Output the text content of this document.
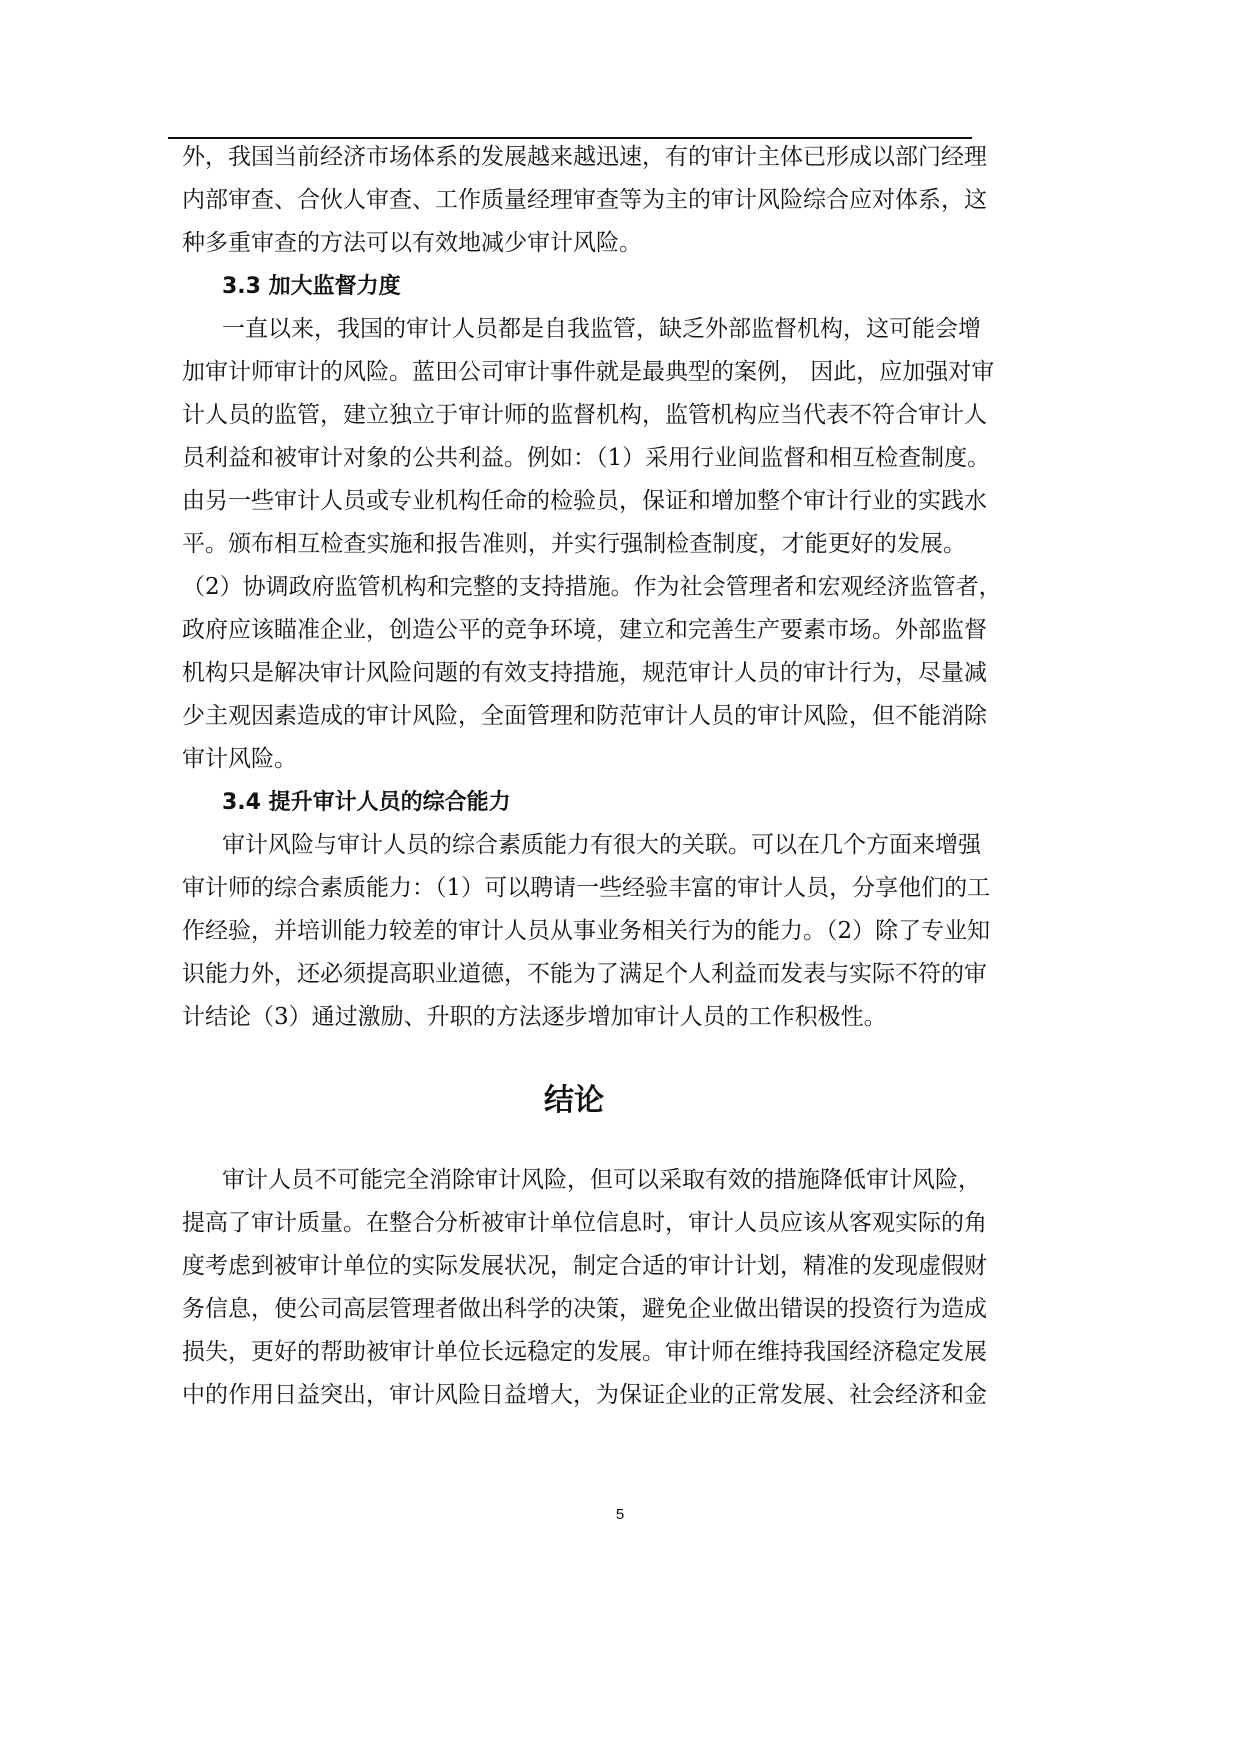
外，我国当前经济市场体系的发展越来越迅速，有的审计主体已形成以部门经理
内部审查、合伙人审查、工作质量经理审查等为主的审计风险综合应对体系，这
种多重审查的方法可以有效地减少审计风险。
3.3 加大监督力度
一直以来，我国的审计人员都是自我监管，缺乏外部监督机构，这可能会增
加审计师审计的风险。蓝田公司审计事件就是最典型的案例， 因此，应加强对审
计人员的监管，建立独立于审计师的监督机构，监管机构应当代表不符合审计人
员利益和被审计对象的公共利益。例如：（1）采用行业间监督和相互检查制度。
由另一些审计人员或专业机构任命的检验员，保证和增加整个审计行业的实践水
平。颁布相互检查实施和报告准则，并实行强制检查制度，才能更好的发展。
（2）协调政府监管机构和完整的支持措施。作为社会管理者和宏观经济监管者，
政府应该瞄准企业，创造公平的竞争环境，建立和完善生产要素市场。外部监督
机构只是解决审计风险问题的有效支持措施，规范审计人员的审计行为，尽量减
少主观因素造成的审计风险，全面管理和防范审计人员的审计风险，但不能消除
审计风险。
3.4 提升审计人员的综合能力
审计风险与审计人员的综合素质能力有很大的关联。可以在几个方面来增强
审计师的综合素质能力：（1）可以聘请一些经验丰富的审计人员，分享他们的工
作经验，并培训能力较差的审计人员从事业务相关行为的能力。（2）除了专业知
识能力外，还必须提高职业道德，不能为了满足个人利益而发表与实际不符的审
计结论（3）通过激励、升职的方法逐步增加审计人员的工作积极性。
结论
审计人员不可能完全消除审计风险，但可以采取有效的措施降低审计风险，
提高了审计质量。在整合分析被审计单位信息时，审计人员应该从客观实际的角
度考虑到被审计单位的实际发展状况，制定合适的审计计划，精准的发现虚假财
务信息，使公司高层管理者做出科学的决策，避免企业做出错误的投资行为造成
损失，更好的帮助被审计单位长远稳定的发展。审计师在维持我国经济稳定发展
中的作用日益突出，审计风险日益增大，为保证企业的正常发展、社会经济和金
5
